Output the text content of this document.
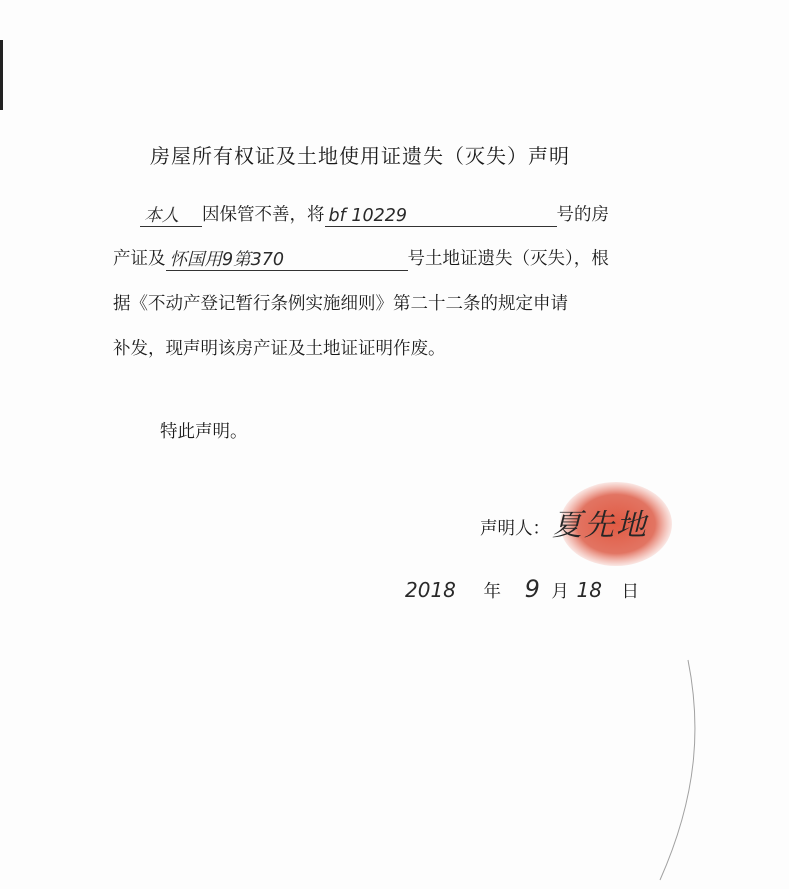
房屋所有权证及土地使用证遗失（灭失）声明
本人 因保管不善，将 bf 10229	号的房
产证及 怀国用9第370	号土地证遗失（灭失），根
据《不动产登记暂行条例实施细则》第二十二条的规定申请
补发，现声明该房产证及土地证证明作废。
特此声明。
声明人： 夏先地
2018 年 9 月 18 日
